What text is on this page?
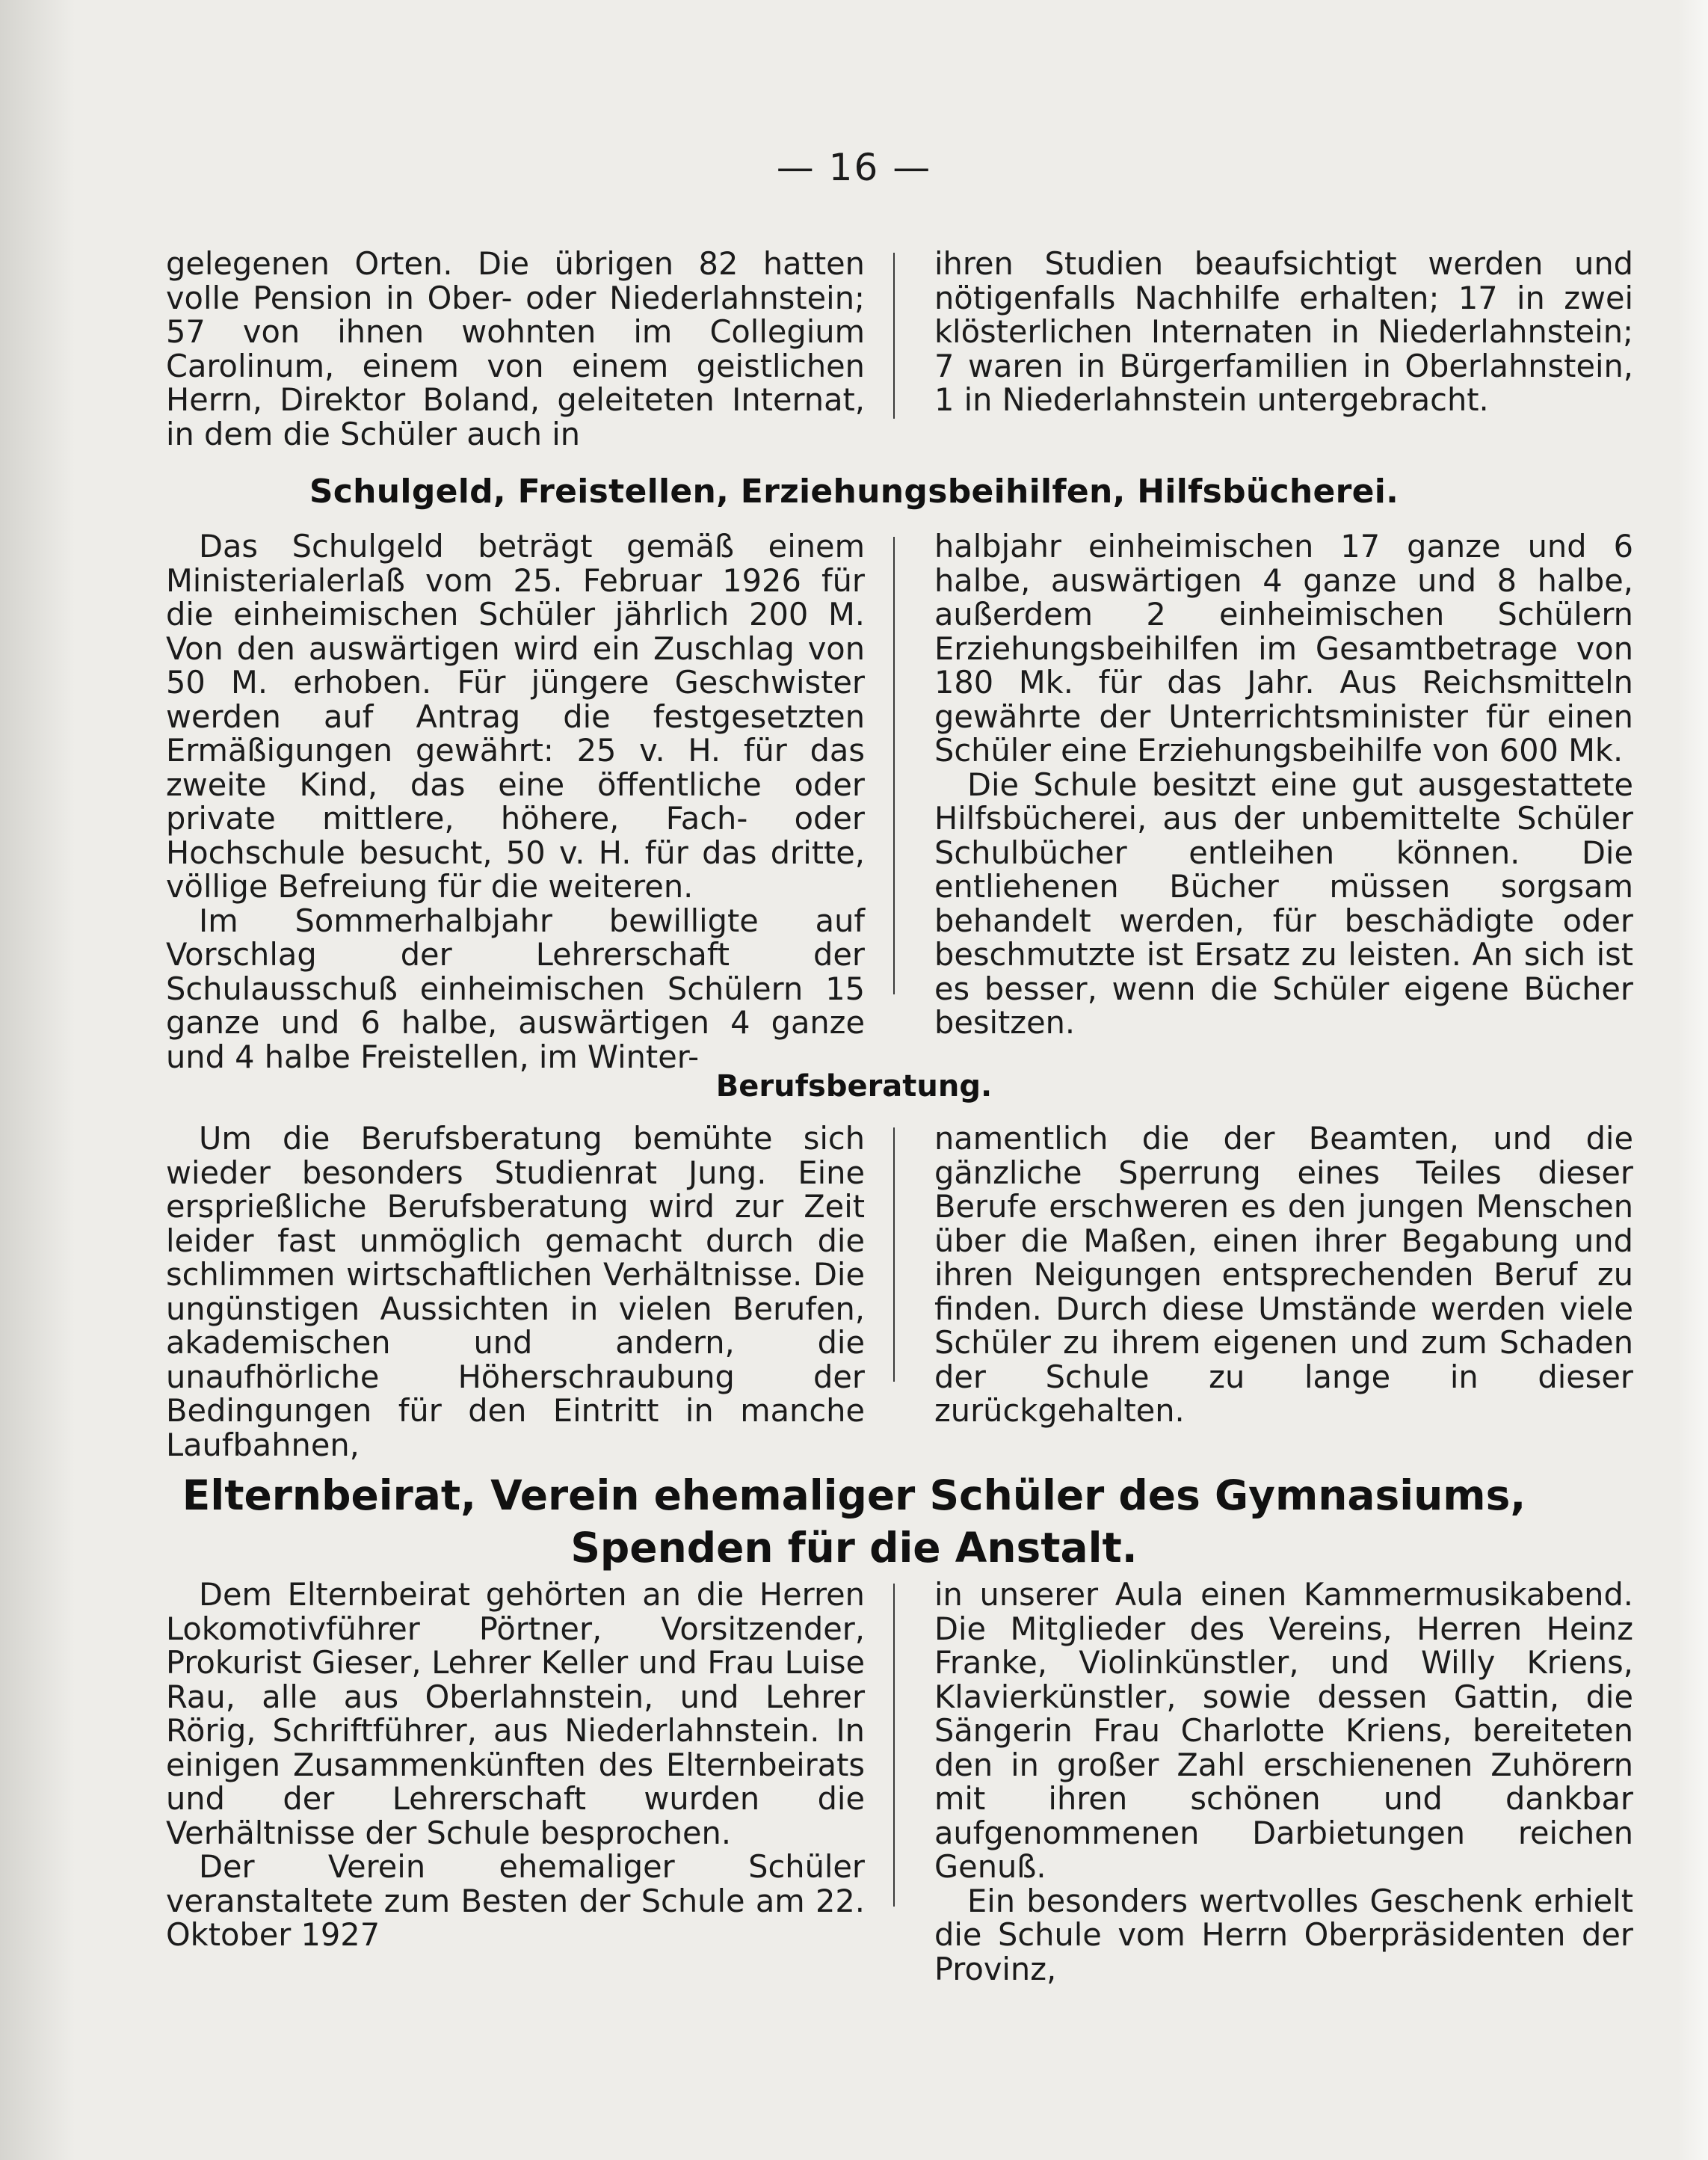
— 16 —

gelegenen Orten. Die übrigen 82 hatten volle Pension in Ober- oder Niederlahnstein; 57 von ihnen wohnten im Collegium Carolinum, einem von einem geistlichen Herrn, Direktor Boland, geleiteten Internat, in dem die Schüler auch in

ihren Studien beaufsichtigt werden und nötigenfalls Nachhilfe erhalten; 17 in zwei klösterlichen Internaten in Niederlahnstein; 7 waren in Bürgerfamilien in Oberlahnstein, 1 in Niederlahnstein untergebracht.

Schulgeld, Freistellen, Erziehungsbeihilfen, Hilfsbücherei.

Das Schulgeld beträgt gemäß einem Ministerialerlaß vom 25. Februar 1926 für die einheimischen Schüler jährlich 200 M. Von den auswärtigen wird ein Zuschlag von 50 M. erhoben. Für jüngere Geschwister werden auf Antrag die festgesetzten Ermäßigungen gewährt: 25 v. H. für das zweite Kind, das eine öffentliche oder private mittlere, höhere, Fach- oder Hochschule besucht, 50 v. H. für das dritte, völlige Befreiung für die weiteren.

Im Sommerhalbjahr bewilligte auf Vorschlag der Lehrerschaft der Schulausschuß einheimischen Schülern 15 ganze und 6 halbe, auswärtigen 4 ganze und 4 halbe Freistellen, im Winter-

halbjahr einheimischen 17 ganze und 6 halbe, auswärtigen 4 ganze und 8 halbe, außerdem 2 einheimischen Schülern Erziehungsbeihilfen im Gesamtbetrage von 180 Mk. für das Jahr. Aus Reichsmitteln gewährte der Unterrichtsminister für einen Schüler eine Erziehungsbeihilfe von 600 Mk.

Die Schule besitzt eine gut ausgestattete Hilfsbücherei, aus der unbemittelte Schüler Schulbücher entleihen können. Die entliehenen Bücher müssen sorgsam behandelt werden, für beschädigte oder beschmutzte ist Ersatz zu leisten. An sich ist es besser, wenn die Schüler eigene Bücher besitzen.

Berufsberatung.

Um die Berufsberatung bemühte sich wieder besonders Studienrat Jung. Eine ersprießliche Berufsberatung wird zur Zeit leider fast unmöglich gemacht durch die schlimmen wirtschaftlichen Verhältnisse. Die ungünstigen Aussichten in vielen Berufen, akademischen und andern, die unaufhörliche Höherschraubung der Bedingungen für den Eintritt in manche Laufbahnen,

namentlich die der Beamten, und die gänzliche Sperrung eines Teiles dieser Berufe erschweren es den jungen Menschen über die Maßen, einen ihrer Begabung und ihren Neigungen entsprechenden Beruf zu finden. Durch diese Umstände werden viele Schüler zu ihrem eigenen und zum Schaden der Schule zu lange in dieser zurückgehalten.

Elternbeirat, Verein ehemaliger Schüler des Gymnasiums,
Spenden für die Anstalt.

Dem Elternbeirat gehörten an die Herren Lokomotivführer Pörtner, Vorsitzender, Prokurist Gieser, Lehrer Keller und Frau Luise Rau, alle aus Oberlahnstein, und Lehrer Rörig, Schriftführer, aus Niederlahnstein. In einigen Zusammenkünften des Elternbeirats und der Lehrerschaft wurden die Verhältnisse der Schule besprochen.

Der Verein ehemaliger Schüler veranstaltete zum Besten der Schule am 22. Oktober 1927

in unserer Aula einen Kammermusikabend. Die Mitglieder des Vereins, Herren Heinz Franke, Violinkünstler, und Willy Kriens, Klavierkünstler, sowie dessen Gattin, die Sängerin Frau Charlotte Kriens, bereiteten den in großer Zahl erschienenen Zuhörern mit ihren schönen und dankbar aufgenommenen Darbietungen reichen Genuß.

Ein besonders wertvolles Geschenk erhielt die Schule vom Herrn Oberpräsidenten der Provinz,
